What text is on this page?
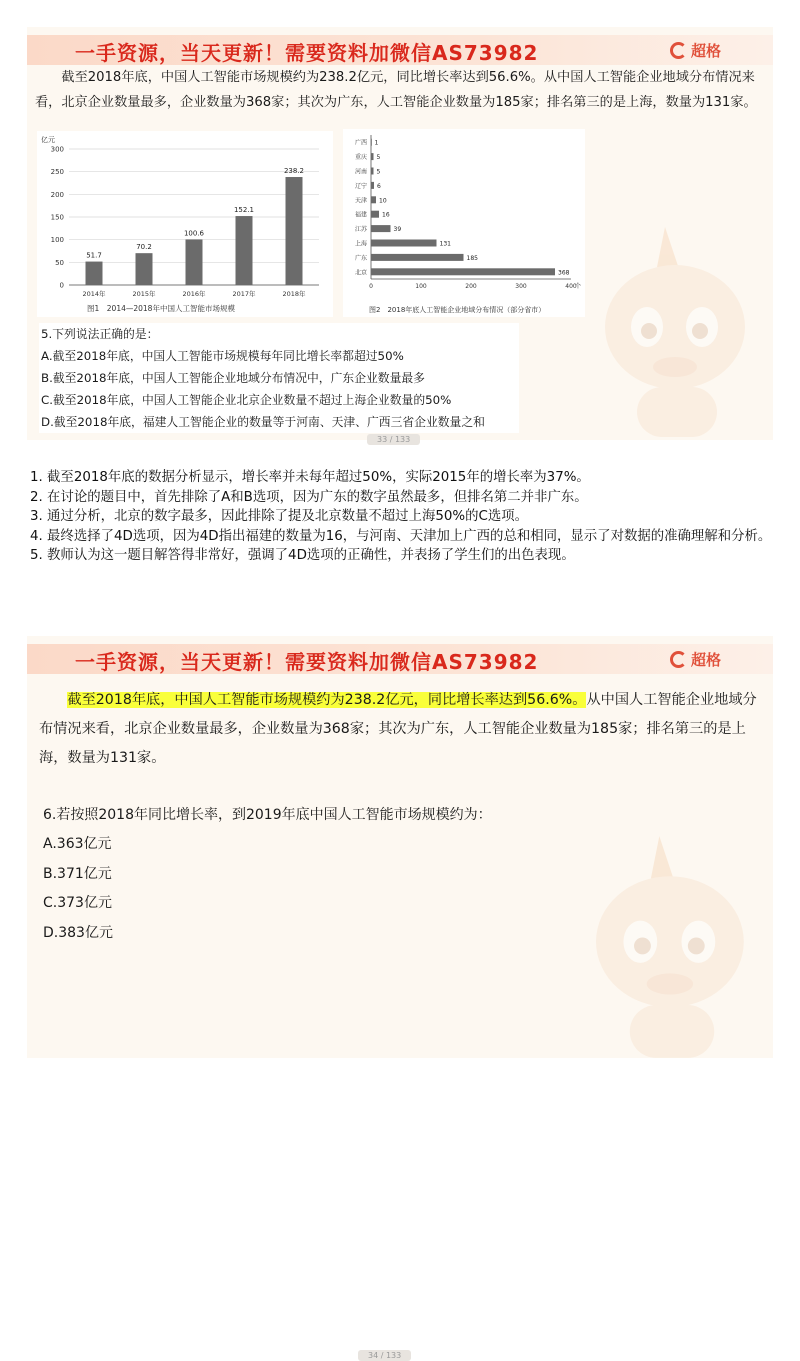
一手资源，当天更新！需要资料加微信AS73982	超格
截至2018年底，中国人工智能市场规模约为238.2亿元，同比增长率达到56.6%。从中国人工智能企业地域分布情况来看，北京企业数量最多，企业数量为368家；其次为广东，人工智能企业数量为185家；排名第三的是上海，数量为131家。
亿元
0
50
100
150
200
250
300
51.7
2014年
70.2
2015年
100.6
2016年
152.1
2017年
238.2
2018年
图1　2014—2018年中国人工智能市场规模
广西 1
重庆 5
河南 5
辽宁 6
天津 10
福建	16
江苏	39
上海	131
广东	185
北京	368
0	100	200	300	400
个
图2　2018年底人工智能企业地域分布情况（部分省市）
5.下列说法正确的是：
A.截至2018年底，中国人工智能市场规模每年同比增长率都超过50%
B.截至2018年底，中国人工智能企业地域分布情况中，广东企业数量最多
C.截至2018年底，中国人工智能企业北京企业数量不超过上海企业数量的50%
D.截至2018年底，福建人工智能企业的数量等于河南、天津、广西三省企业数量之和
33 / 133
1. 截至2018年底的数据分析显示，增长率并未每年超过50%，实际2015年的增长率为37%。
2. 在讨论的题目中，首先排除了A和B选项，因为广东的数字虽然最多，但排名第二并非广东。
3. 通过分析，北京的数字最多，因此排除了提及北京数量不超过上海50%的C选项。
4. 最终选择了4D选项，因为4D指出福建的数量为16，与河南、天津加上广西的总和相同，显示了对数据的准确理解和分析。
5. 教师认为这一题目解答得非常好，强调了4D选项的正确性，并表扬了学生们的出色表现。
一手资源，当天更新！需要资料加微信AS73982	超格
截至2018年底，中国人工智能市场规模约为238.2亿元，同比增长率达到56.6%。从中国人工智能企业地域分布情况来看，北京企业数量最多，企业数量为368家；其次为广东，人工智能企业数量为185家；排名第三的是上海，数量为131家。
6.若按照2018年同比增长率，到2019年底中国人工智能市场规模约为：
A.363亿元
B.371亿元
C.373亿元
D.383亿元
34 / 133
